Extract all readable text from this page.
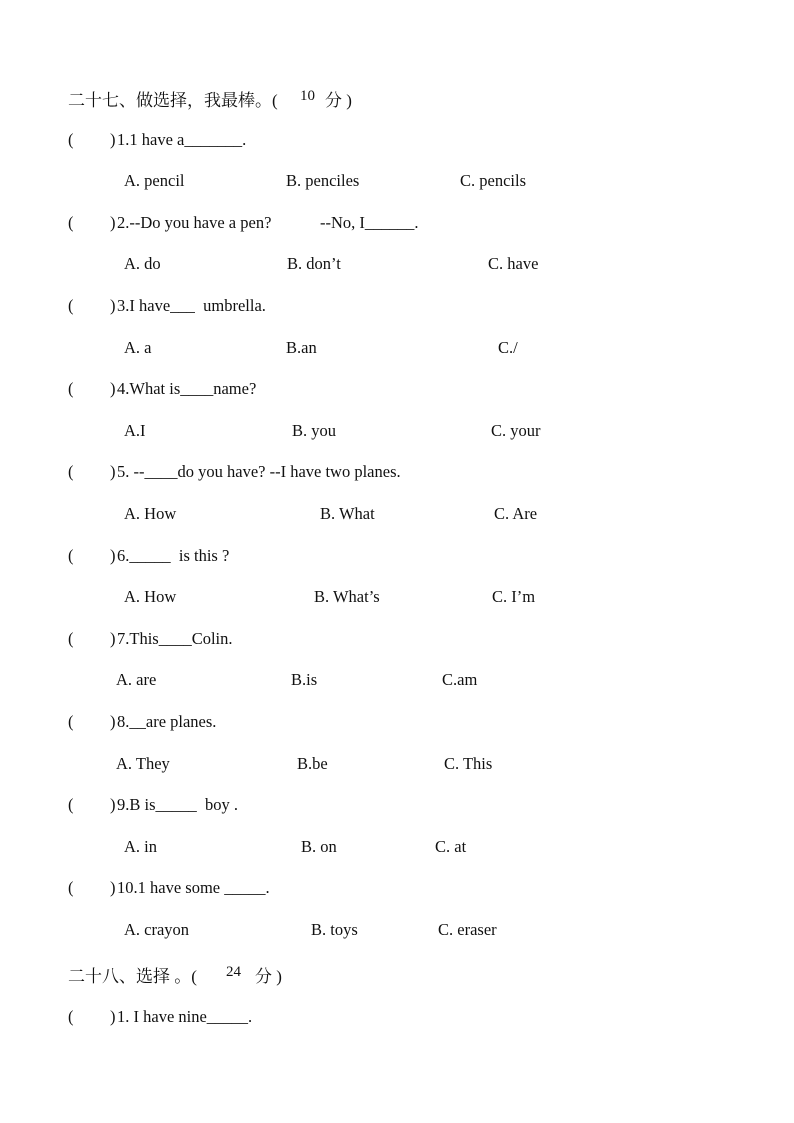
二十七、做选择，我最棒。(

10

分 )

(

)

1.1 have a_______.

A. pencil

	B. penciles

	C. pencils

(

)

2.--Do you have a pen?

	--No, I______.

A. do

	B. don’t

	C. have

(

)

3.I have___  umbrella.

A. a

	B.an

	C./

(

)

4.What is____name?

A.I

	B. you

	C. your

(

)

5. --____do you have? --I have two planes.

A. How

	B. What

	C. Are

(

)

6._____  is this ?

A. How

	B. What’s

	C. I’m

(

)

7.This____Colin.

A. are

	B.is

	C.am

(

)

8.__are planes.

A. They

	B.be

	C. This

(

)

9.B is_____  boy .

A. in

	B. on

	C. at

(

)

10.1 have some _____.

A. crayon

	B. toys

	C. eraser

二十八、选择 。(

24

分 )

(

)

1. I have nine_____.
